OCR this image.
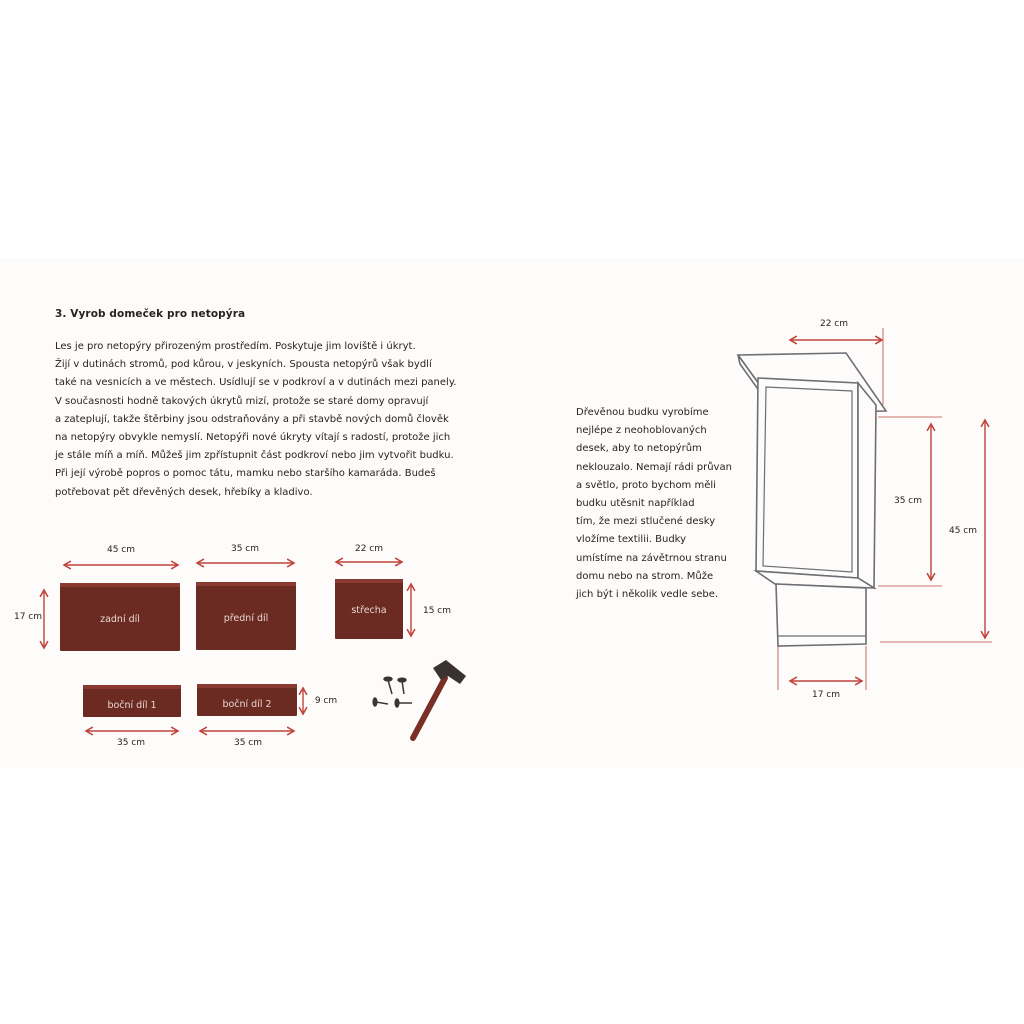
3. Vyrob domeček pro netopýra
Les je pro netopýry přirozeným prostředím. Poskytuje jim loviště i úkryt.
Žijí v dutinách stromů, pod kůrou, v jeskyních. Spousta netopýrů však bydlí
také na vesnicích a ve městech. Usídlují se v podkroví a v dutinách mezi panely.
V současnosti hodně takových úkrytů mizí, protože se staré domy opravují
a zateplují, takže štěrbiny jsou odstraňovány a při stavbě nových domů člověk
na netopýry obvykle nemyslí. Netopýři nové úkryty vítají s radostí, protože jich
je stále míň a míň. Můžeš jim zpřístupnit část podkroví nebo jim vytvořit budku.
Při její výrobě popros o pomoc tátu, mamku nebo staršího kamaráda. Budeš
potřebovat pět dřevěných desek, hřebíky a kladivo.
Dřevěnou budku vyrobíme
nejlépe z neohoblovaných
desek, aby to netopýrům
neklouzalo. Nemají rádi průvan
a světlo, proto bychom měli
budku utěsnit například
tím, že mezi stlučené desky
vložíme textilii. Budky
umístíme na závětrnou stranu
domu nebo na strom. Může
jich být i několik vedle sebe.
zadní díl	přední díl
střecha
boční díl 1	boční díl 2
45 cm
17 cm
35 cm	22 cm
15 cm
9 cm
35 cm	35 cm
22 cm
35 cm
45 cm
17 cm
